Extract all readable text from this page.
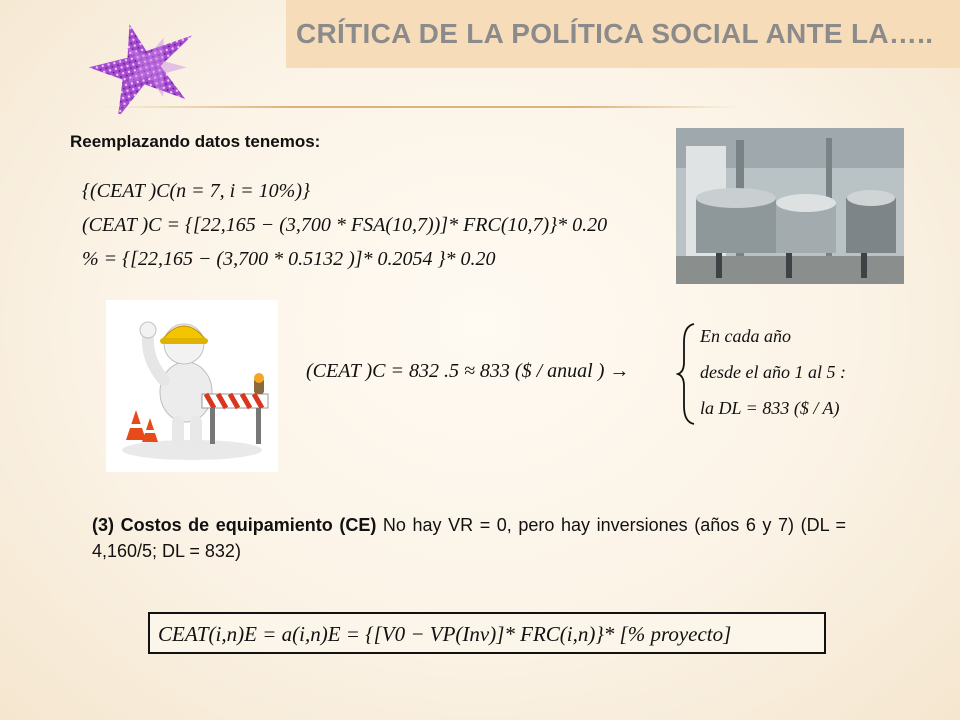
CRÍTICA DE LA POLÍTICA SOCIAL ANTE LA…..
Reemplazando datos tenemos:
{(CEAT )C(n = 7, i = 10%)}
(CEAT )C = {[22,165 − (3,700 * FSA(10,7))]* FRC(10,7)}* 0.20
% = {[22,165 − (3,700 * 0.5132 )]* 0.2054 }* 0.20
(CEAT )C = 832 .5 ≈ 833 ($ / anual ) →
En cada año
desde el año 1 al 5 :
la DL = 833 ($ / A)
(3) Costos de equipamiento (CE) No hay VR = 0, pero hay inversiones (años 6 y 7) (DL = 4,160/5; DL = 832)
CEAT(i,n)E = a(i,n)E = {[V0 − VP(Inv)]* FRC(i,n)}* [% proyecto]
